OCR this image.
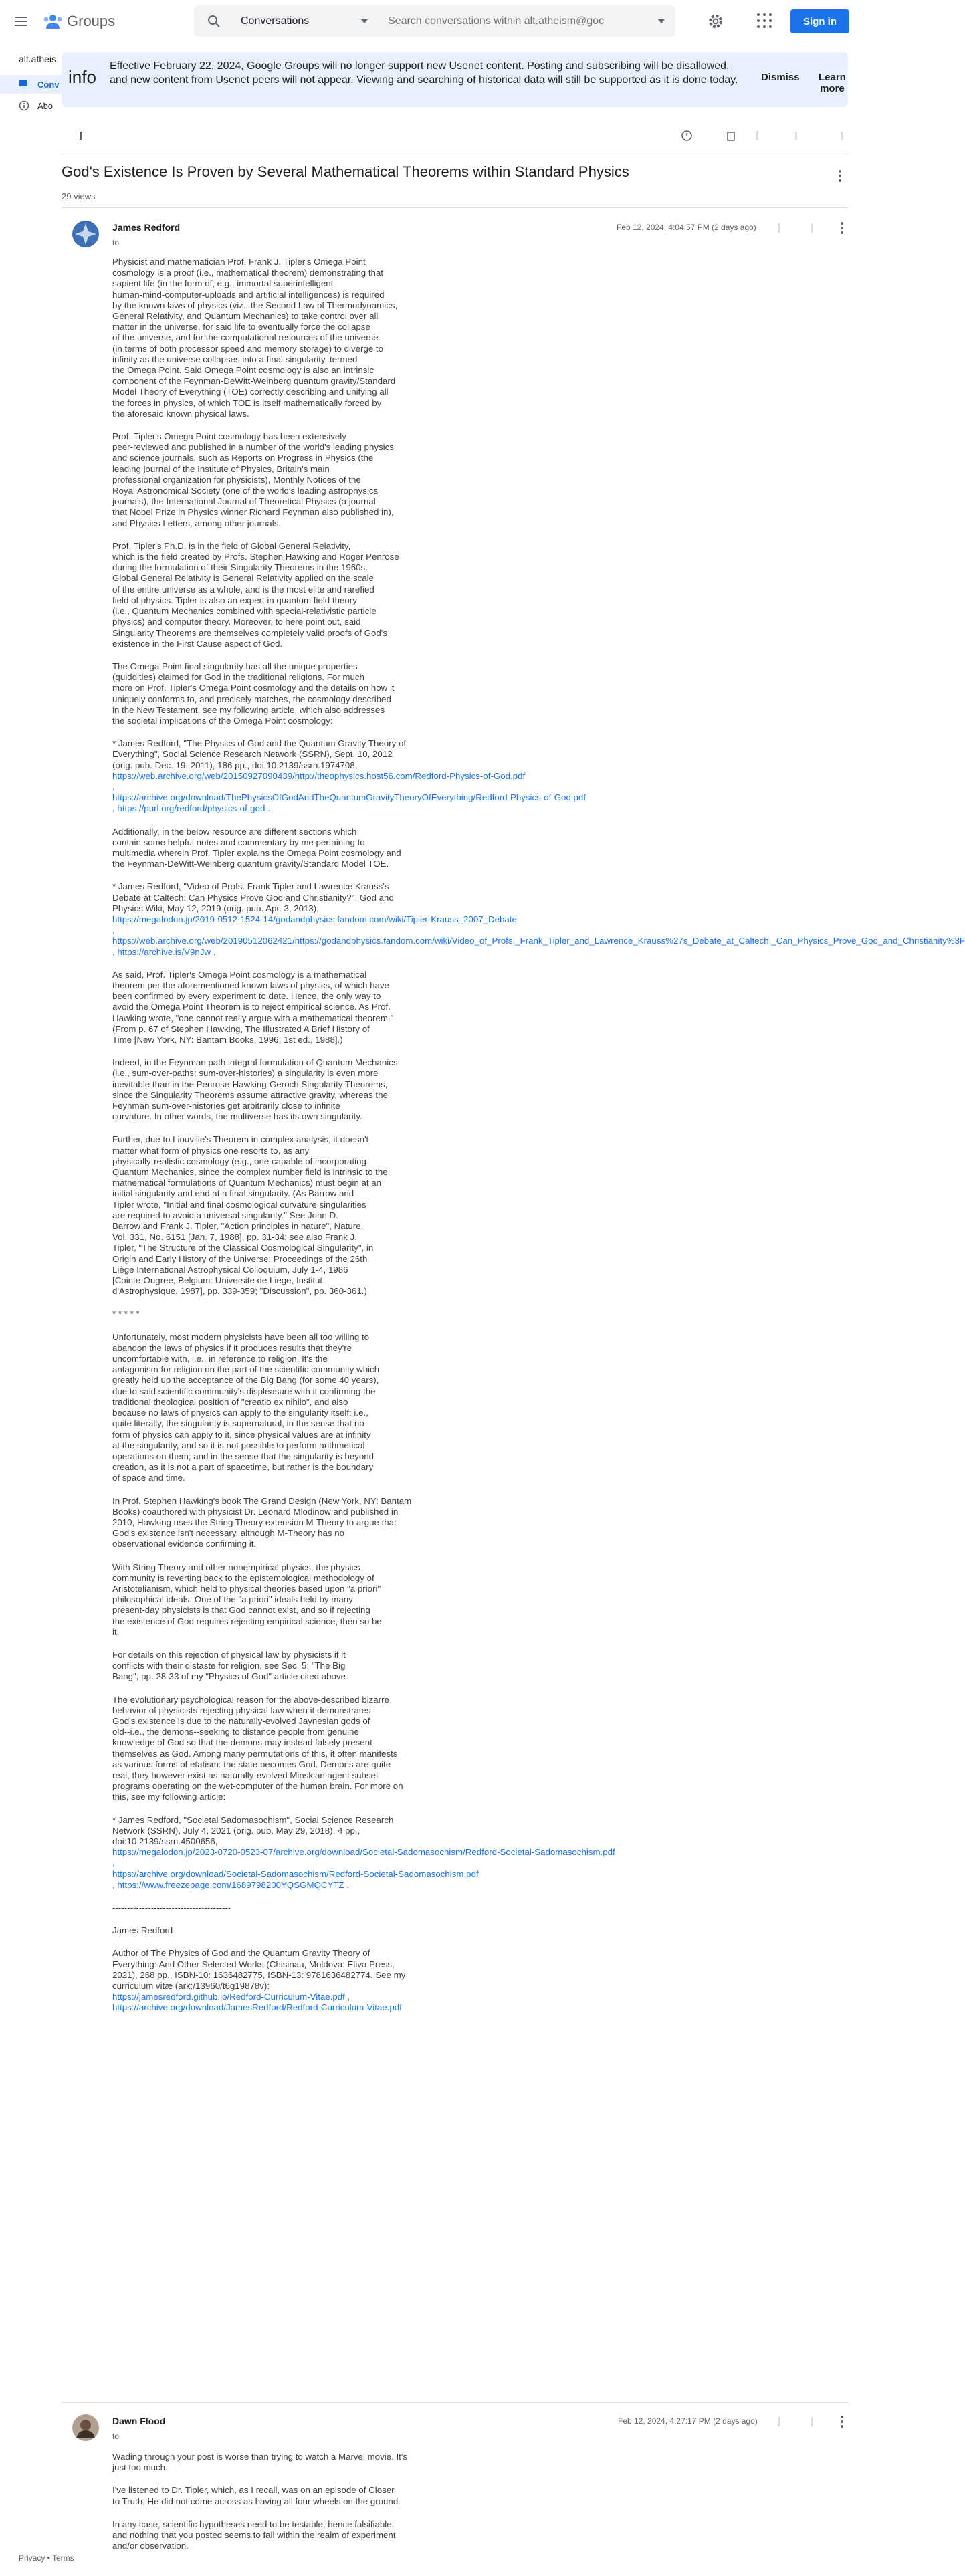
Groups	Conversations
Search conversations within alt.atheism@goc	Sign in
alt.atheis
Conv
Abo
Privacy • Terms
info
Effective February 22, 2024, Google Groups will no longer support new Usenet content. Posting and subscribing will be disallowed, and new content from Usenet peers will not appear. Viewing and searching of historical data will still be supported as it is done today.	Dismiss	Learn more
God's Existence Is Proven by Several Mathematical Theorems within Standard Physics
29 views
James Redford
to
Feb 12, 2024, 4:04:57 PM (2 days ago)

Physicist and mathematician Prof. Frank J. Tipler's Omega Point
cosmology is a proof (i.e., mathematical theorem) demonstrating that
sapient life (in the form of, e.g., immortal superintelligent
human-mind-computer-uploads and artificial intelligences) is required
by the known laws of physics (viz., the Second Law of Thermodynamics,
General Relativity, and Quantum Mechanics) to take control over all
matter in the universe, for said life to eventually force the collapse
of the universe, and for the computational resources of the universe
(in terms of both processor speed and memory storage) to diverge to
infinity as the universe collapses into a final singularity, termed
the Omega Point. Said Omega Point cosmology is also an intrinsic
component of the Feynman-DeWitt-Weinberg quantum gravity/Standard
Model Theory of Everything (TOE) correctly describing and unifying all
the forces in physics, of which TOE is itself mathematically forced by
the aforesaid known physical laws.

Prof. Tipler's Omega Point cosmology has been extensively
peer-reviewed and published in a number of the world's leading physics
and science journals, such as Reports on Progress in Physics (the
leading journal of the Institute of Physics, Britain's main
professional organization for physicists), Monthly Notices of the
Royal Astronomical Society (one of the world's leading astrophysics
journals), the International Journal of Theoretical Physics (a journal
that Nobel Prize in Physics winner Richard Feynman also published in),
and Physics Letters, among other journals.

Prof. Tipler's Ph.D. is in the field of Global General Relativity,
which is the field created by Profs. Stephen Hawking and Roger Penrose
during the formulation of their Singularity Theorems in the 1960s.
Global General Relativity is General Relativity applied on the scale
of the entire universe as a whole, and is the most elite and rarefied
field of physics. Tipler is also an expert in quantum field theory
(i.e., Quantum Mechanics combined with special-relativistic particle
physics) and computer theory. Moreover, to here point out, said
Singularity Theorems are themselves completely valid proofs of God's
existence in the First Cause aspect of God.

The Omega Point final singularity has all the unique properties
(quiddities) claimed for God in the traditional religions. For much
more on Prof. Tipler's Omega Point cosmology and the details on how it
uniquely conforms to, and precisely matches, the cosmology described
in the New Testament, see my following article, which also addresses
the societal implications of the Omega Point cosmology:

* James Redford, "The Physics of God and the Quantum Gravity Theory of
Everything", Social Science Research Network (SSRN), Sept. 10, 2012
(orig. pub. Dec. 19, 2011), 186 pp., doi:10.2139/ssrn.1974708,
https://web.archive.org/web/20150927090439/http://theophysics.host56.com/Redford-Physics-of-God.pdf
,
https://archive.org/download/ThePhysicsOfGodAndTheQuantumGravityTheoryOfEverything/Redford-Physics-of-God.pdf
, https://purl.org/redford/physics-of-god .

Additionally, in the below resource are different sections which
contain some helpful notes and commentary by me pertaining to
multimedia wherein Prof. Tipler explains the Omega Point cosmology and
the Feynman-DeWitt-Weinberg quantum gravity/Standard Model TOE.

* James Redford, "Video of Profs. Frank Tipler and Lawrence Krauss's
Debate at Caltech: Can Physics Prove God and Christianity?", God and
Physics Wiki, May 12, 2019 (orig. pub. Apr. 3, 2013),
https://megalodon.jp/2019-0512-1524-14/godandphysics.fandom.com/wiki/Tipler-Krauss_2007_Debate
,
https://web.archive.org/web/20190512062421/https://godandphysics.fandom.com/wiki/Video_of_Profs._Frank_Tipler_and_Lawrence_Krauss%27s_Debate_at_Caltech:_Can_Physics_Prove_God_and_Christianity%3F
, https://archive.is/V9nJw .

As said, Prof. Tipler's Omega Point cosmology is a mathematical
theorem per the aforementioned known laws of physics, of which have
been confirmed by every experiment to date. Hence, the only way to
avoid the Omega Point Theorem is to reject empirical science. As Prof.
Hawking wrote, "one cannot really argue with a mathematical theorem."
(From p. 67 of Stephen Hawking, The Illustrated A Brief History of
Time [New York, NY: Bantam Books, 1996; 1st ed., 1988].)

Indeed, in the Feynman path integral formulation of Quantum Mechanics
(i.e., sum-over-paths; sum-over-histories) a singularity is even more
inevitable than in the Penrose-Hawking-Geroch Singularity Theorems,
since the Singularity Theorems assume attractive gravity, whereas the
Feynman sum-over-histories get arbitrarily close to infinite
curvature. In other words, the multiverse has its own singularity.

Further, due to Liouville's Theorem in complex analysis, it doesn't
matter what form of physics one resorts to, as any
physically-realistic cosmology (e.g., one capable of incorporating
Quantum Mechanics, since the complex number field is intrinsic to the
mathematical formulations of Quantum Mechanics) must begin at an
initial singularity and end at a final singularity. (As Barrow and
Tipler wrote, "Initial and final cosmological curvature singularities
are required to avoid a universal singularity." See John D.
Barrow and Frank J. Tipler, "Action principles in nature", Nature,
Vol. 331, No. 6151 [Jan. 7, 1988], pp. 31-34; see also Frank J.
Tipler, "The Structure of the Classical Cosmological Singularity", in
Origin and Early History of the Universe: Proceedings of the 26th
Liège International Astrophysical Colloquium, July 1-4, 1986
[Cointe-Ougree, Belgium: Universite de Liege, Institut
d'Astrophysique, 1987], pp. 339-359; "Discussion", pp. 360-361.)

* * * * *

Unfortunately, most modern physicists have been all too willing to
abandon the laws of physics if it produces results that they're
uncomfortable with, i.e., in reference to religion. It's the
antagonism for religion on the part of the scientific community which
greatly held up the acceptance of the Big Bang (for some 40 years),
due to said scientific community's displeasure with it confirming the
traditional theological position of "creatio ex nihilo", and also
because no laws of physics can apply to the singularity itself: i.e.,
quite literally, the singularity is supernatural, in the sense that no
form of physics can apply to it, since physical values are at infinity
at the singularity, and so it is not possible to perform arithmetical
operations on them; and in the sense that the singularity is beyond
creation, as it is not a part of spacetime, but rather is the boundary
of space and time.

In Prof. Stephen Hawking's book The Grand Design (New York, NY: Bantam
Books) coauthored with physicist Dr. Leonard Mlodinow and published in
2010, Hawking uses the String Theory extension M-Theory to argue that
God's existence isn't necessary, although M-Theory has no
observational evidence confirming it.

With String Theory and other nonempirical physics, the physics
community is reverting back to the epistemological methodology of
Aristotelianism, which held to physical theories based upon "a priori"
philosophical ideals. One of the "a priori" ideals held by many
present-day physicists is that God cannot exist, and so if rejecting
the existence of God requires rejecting empirical science, then so be
it.

For details on this rejection of physical law by physicists if it
conflicts with their distaste for religion, see Sec. 5: "The Big
Bang", pp. 28-33 of my "Physics of God" article cited above.

The evolutionary psychological reason for the above-described bizarre
behavior of physicists rejecting physical law when it demonstrates
God's existence is due to the naturally-evolved Jaynesian gods of
old--i.e., the demons--seeking to distance people from genuine
knowledge of God so that the demons may instead falsely present
themselves as God. Among many permutations of this, it often manifests
as various forms of etatism: the state becomes God. Demons are quite
real, they however exist as naturally-evolved Minskian agent subset
programs operating on the wet-computer of the human brain. For more on
this, see my following article:

* James Redford, "Societal Sadomasochism", Social Science Research
Network (SSRN), July 4, 2021 (orig. pub. May 29, 2018), 4 pp.,
doi:10.2139/ssrn.4500656,
https://megalodon.jp/2023-0720-0523-07/archive.org/download/Societal-Sadomasochism/Redford-Societal-Sadomasochism.pdf
,
https://archive.org/download/Societal-Sadomasochism/Redford-Societal-Sadomasochism.pdf
, https://www.freezepage.com/1689798200YQSGMQCYTZ .

----------------------------------------

James Redford

Author of The Physics of God and the Quantum Gravity Theory of
Everything: And Other Selected Works (Chisinau, Moldova: Eliva Press,
2021), 268 pp., ISBN-10: 1636482775, ISBN-13: 9781636482774. See my
curriculum vitæ (ark:/13960/t6g19878v):
https://jamesredford.github.io/Redford-Curriculum-Vitae.pdf ,
https://archive.org/download/JamesRedford/Redford-Curriculum-Vitae.pdf
Dawn Flood
to
Feb 12, 2024, 4:27:17 PM (2 days ago)

Wading through your post is worse than trying to watch a Marvel movie. It's
just too much.

I've listened to Dr. Tipler, which, as I recall, was on an episode of Closer
to Truth. He did not come across as having all four wheels on the ground.

In any case, scientific hypotheses need to be testable, hence falsifiable,
and nothing that you posted seems to fall within the realm of experiment
and/or observation.
